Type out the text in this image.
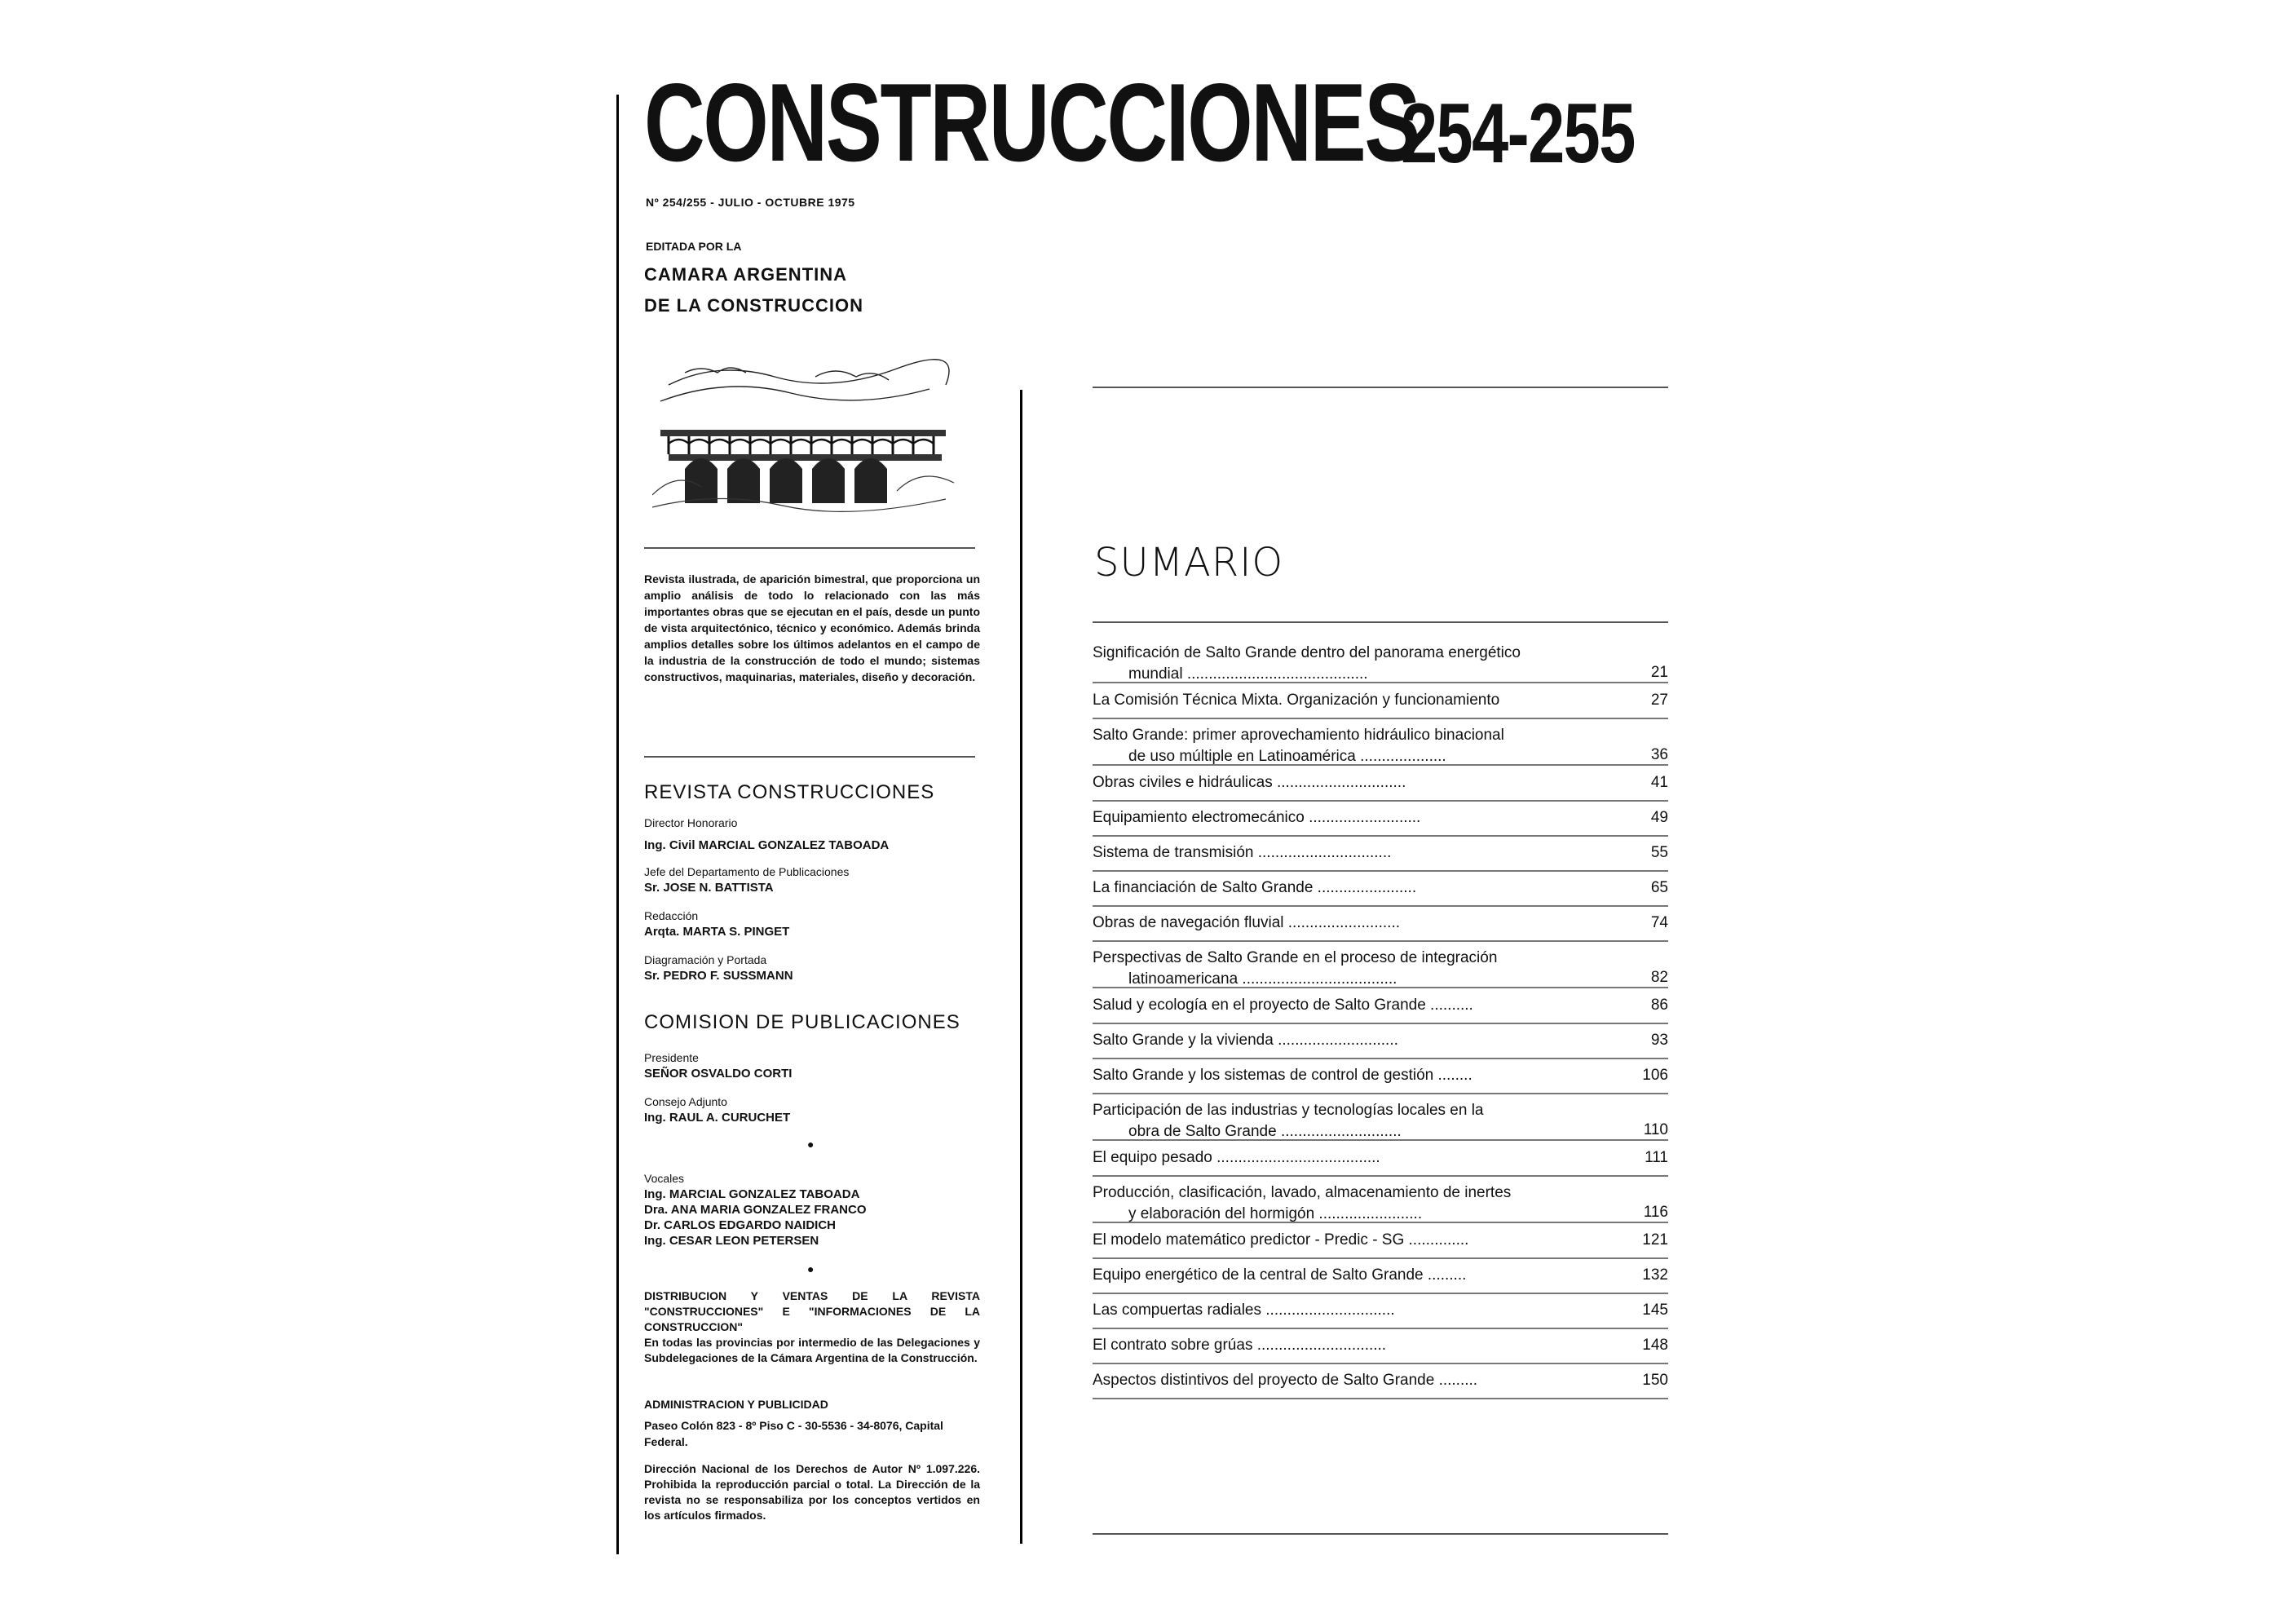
CONSTRUCCIONES
254-255
Nº 254/255 - JULIO - OCTUBRE 1975
EDITADA POR LA
CAMARA ARGENTINA
DE LA CONSTRUCCION
Revista ilustrada, de aparición bimestral, que proporciona un amplio análisis de todo lo relacionado con las más importantes obras que se ejecutan en el país, desde un punto de vista arquitectónico, técnico y económico. Además brinda amplios detalles sobre los últimos adelantos en el campo de la industria de la construcción de todo el mundo; sistemas constructivos, maquinarias, materiales, diseño y decoración.
REVISTA CONSTRUCCIONES
Director Honorario
Ing. Civil MARCIAL GONZALEZ TABOADA
Jefe del Departamento de Publicaciones
Sr. JOSE N. BATTISTA
Redacción
Arqta. MARTA S. PINGET
Diagramación y Portada
Sr. PEDRO F. SUSSMANN
COMISION DE PUBLICACIONES
Presidente
SEÑOR OSVALDO CORTI
Consejo Adjunto
Ing. RAUL A. CURUCHET
●
Vocales
Ing. MARCIAL GONZALEZ TABOADA
Dra. ANA MARIA GONZALEZ FRANCO
Dr. CARLOS EDGARDO NAIDICH
Ing. CESAR LEON PETERSEN
●
DISTRIBUCION Y VENTAS DE LA REVISTA "CONSTRUCCIONES" E "INFORMACIONES DE LA CONSTRUCCION"
En todas las provincias por intermedio de las Delegaciones y Subdelegaciones de la Cámara Argentina de la Construcción.
ADMINISTRACION Y PUBLICIDAD
Paseo Colón 823 - 8º Piso C - 30-5536 - 34-8076, Capital Federal.
Dirección Nacional de los Derechos de Autor Nº 1.097.226. Prohibida la reproducción parcial o total. La Dirección de la revista no se responsabiliza por los conceptos vertidos en los artículos firmados.
SUMARIO
Significación de Salto Grande dentro del panorama energético
mundial ..........................................	21
La Comisión Técnica Mixta. Organización y funcionamiento	27
Salto Grande: primer aprovechamiento hidráulico binacional
de uso múltiple en Latinoamérica ....................	36
Obras civiles e hidráulicas ..............................	41
Equipamiento electromecánico ..........................	49
Sistema de transmisión ...............................	55
La financiación de Salto Grande .......................	65
Obras de navegación fluvial ..........................	74
Perspectivas de Salto Grande en el proceso de integración
latinoamericana ....................................	82
Salud y ecología en el proyecto de Salto Grande ..........	86
Salto Grande y la vivienda ............................	93
Salto Grande y los sistemas de control de gestión ........	106
Participación de las industrias y tecnologías locales en la
obra de Salto Grande ............................	110
El equipo pesado ......................................	111
Producción, clasificación, lavado, almacenamiento de inertes
y elaboración del hormigón ........................	116
El modelo matemático predictor - Predic - SG ..............	121
Equipo energético de la central de Salto Grande .........	132
Las compuertas radiales ..............................	145
El contrato sobre grúas ..............................	148
Aspectos distintivos del proyecto de Salto Grande .........	150
